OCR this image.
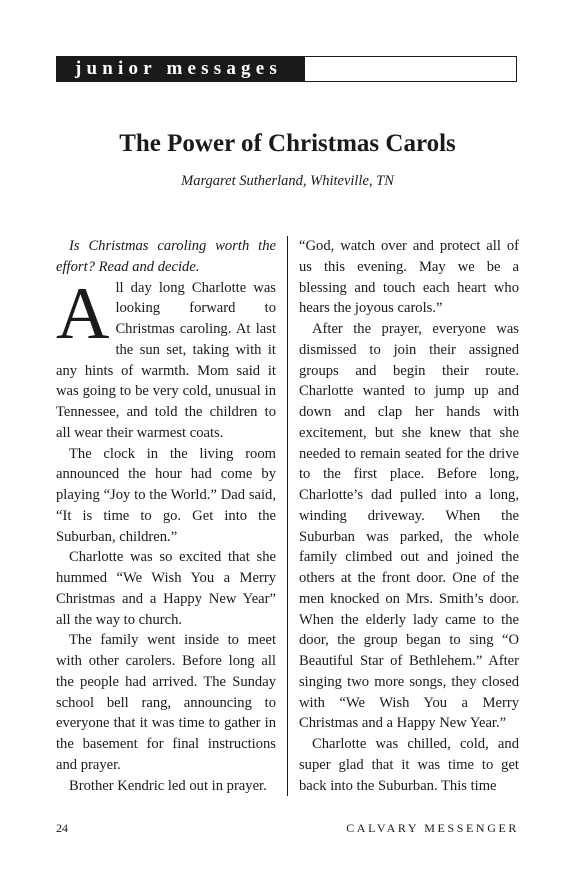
junior messages
The Power of Christmas Carols
Margaret Sutherland, Whiteville, TN

Is Christmas caroling worth the effort? Read and decide.

All day long Charlotte was looking forward to Christmas caroling. At last the sun set, taking with it any hints of warmth. Mom said it was going to be very cold, unusual in Tennessee, and told the children to all wear their warmest coats.

The clock in the living room announced the hour had come by playing “Joy to the World.” Dad said, “It is time to go. Get into the Suburban, children.”

Charlotte was so excited that she hummed “We Wish You a Merry Christmas and a Happy New Year” all the way to church.

The family went inside to meet with other carolers. Before long all the people had arrived. The Sunday school bell rang, announcing to everyone that it was time to gather in the basement for final instructions and prayer.

Brother Kendric led out in prayer.

“God, watch over and protect all of us this evening. May we be a blessing and touch each heart who hears the joyous carols.”

After the prayer, everyone was dismissed to join their assigned groups and begin their route. Charlotte wanted to jump up and down and clap her hands with excitement, but she knew that she needed to remain seated for the drive to the first place. Before long, Charlotte’s dad pulled into a long, winding driveway. When the Suburban was parked, the whole family climbed out and joined the others at the front door. One of the men knocked on Mrs. Smith’s door. When the elderly lady came to the door, the group began to sing “O Beautiful Star of Bethlehem.” After singing two more songs, they closed with “We Wish You a Merry Christmas and a Happy New Year.”

Charlotte was chilled, cold, and super glad that it was time to get back into the Suburban. This time

24	CALVARY MESSENGER
